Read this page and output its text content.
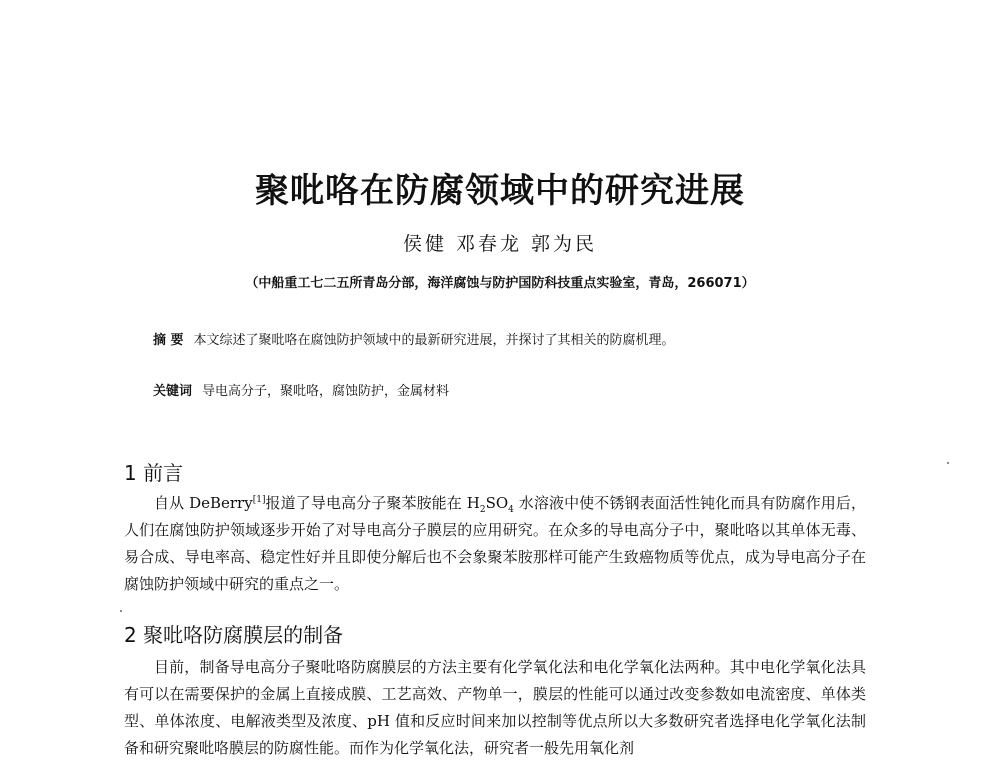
聚吡咯在防腐领域中的研究进展
侯健 邓春龙 郭为民
（中船重工七二五所青岛分部，海洋腐蚀与防护国防科技重点实验室，青岛，266071）
摘 要 本文综述了聚吡咯在腐蚀防护领域中的最新研究进展，并探讨了其相关的防腐机理。
关键词 导电高分子，聚吡咯，腐蚀防护，金属材料
1 前言

自从 DeBerry[1]报道了导电高分子聚苯胺能在 $H_2SO_4$ 水溶液中使不锈钢表面活性钝化而具有防腐作用后，人们在腐蚀防护领域逐步开始了对导电高分子膜层的应用研究。在众多的导电高分子中，聚吡咯以其单体无毒、易合成、导电率高、稳定性好并且即使分解后也不会象聚苯胺那样可能产生致癌物质等优点，成为导电高分子在腐蚀防护领域中研究的重点之一。

2 聚吡咯防腐膜层的制备

目前，制备导电高分子聚吡咯防腐膜层的方法主要有化学氧化法和电化学氧化法两种。其中电化学氧化法具有可以在需要保护的金属上直接成膜、工艺高效、产物单一，膜层的性能可以通过改变参数如电流密度、单体类型、单体浓度、电解液类型及浓度、pH 值和反应时间来加以控制等优点所以大多数研究者选择电化学氧化法制备和研究聚吡咯膜层的防腐性能。而作为化学氧化法，研究者一般先用氧化剂
